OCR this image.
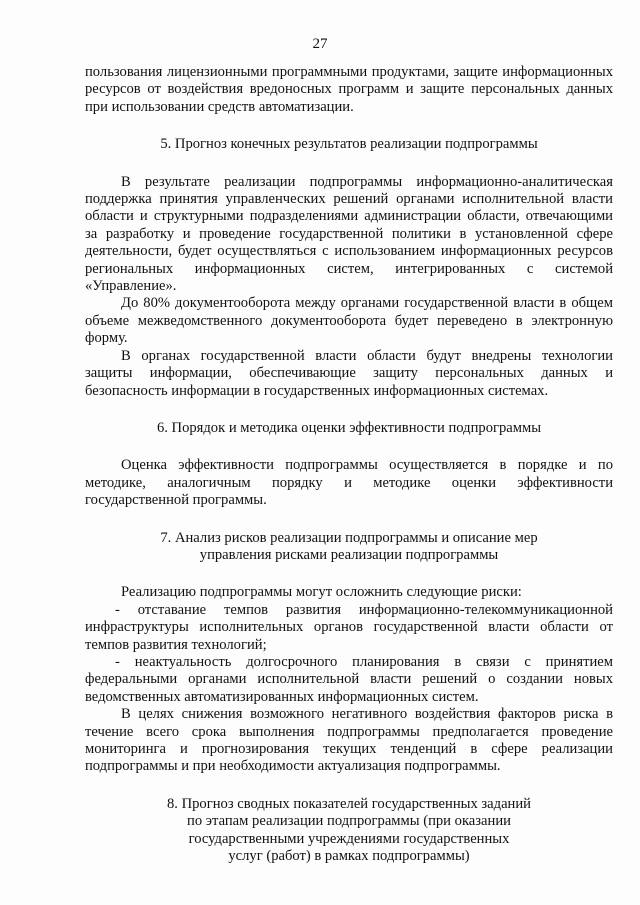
27

пользования лицензионными программными продуктами, защите информационных ресурсов от воздействия вредоносных программ и защите персональных данных при использовании средств автоматизации.

5. Прогноз конечных результатов реализации подпрограммы

В результате реализации подпрограммы информационно-аналитическая поддержка принятия управленческих решений органами исполнительной власти области и структурными подразделениями администрации области, отвечающими за разработку и проведение государственной политики в установленной сфере деятельности, будет осуществляться с использованием информационных ресурсов региональных информационных систем, интегрированных с системой «Управление».

До 80% документооборота между органами государственной власти в общем объеме межведомственного документооборота будет переведено в электронную форму.

В органах государственной власти области будут внедрены технологии защиты информации, обеспечивающие защиту персональных данных и безопасность информации в государственных информационных системах.

6. Порядок и методика оценки эффективности подпрограммы

Оценка эффективности подпрограммы осуществляется в порядке и по методике, аналогичным порядку и методике оценки эффективности государственной программы.

7. Анализ рисков реализации подпрограммы и описание мер
управления рисками реализации подпрограммы

Реализацию подпрограммы могут осложнить следующие риски:

- отставание темпов развития информационно-телекоммуникационной инфраструктуры исполнительных органов государственной власти области от темпов развития технологий;

- неактуальность долгосрочного планирования в связи с принятием федеральными органами исполнительной власти решений о создании новых ведомственных автоматизированных информационных систем.

В целях снижения возможного негативного воздействия факторов риска в течение всего срока выполнения подпрограммы предполагается проведение мониторинга и прогнозирования текущих тенденций в сфере реализации подпрограммы и при необходимости актуализация подпрограммы.

8. Прогноз сводных показателей государственных заданий
по этапам реализации подпрограммы (при оказании
государственными учреждениями государственных
услуг (работ) в рамках подпрограммы)
